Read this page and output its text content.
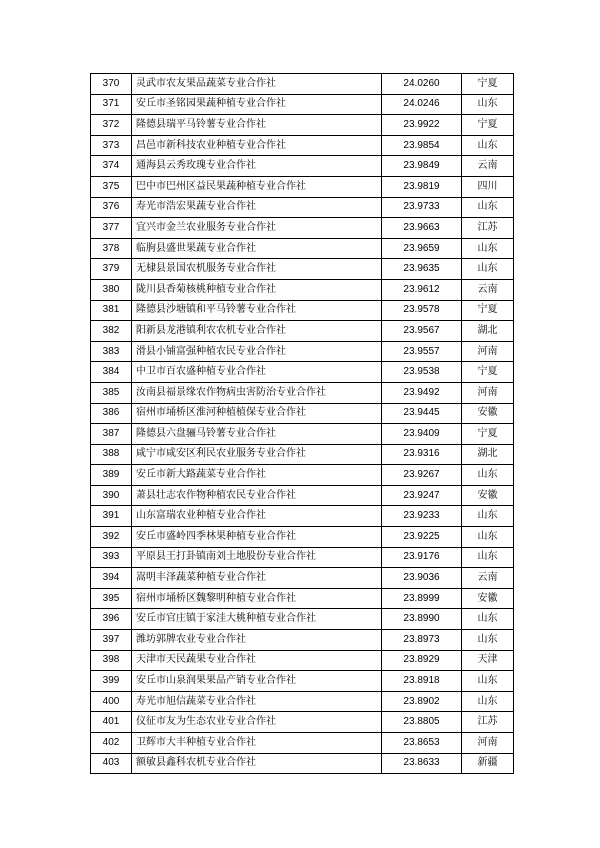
370	灵武市农友果品蔬菜专业合作社	24.0260	宁夏
371	安丘市圣铭园果蔬种植专业合作社	24.0246	山东
372	隆德县瑞平马铃薯专业合作社	23.9922	宁夏
373	昌邑市新科技农业种植专业合作社	23.9854	山东
374	通海县云秀玫瑰专业合作社	23.9849	云南
375	巴中市巴州区益民果蔬种植专业合作社	23.9819	四川
376	寿光市浩宏果蔬专业合作社	23.9733	山东
377	宜兴市金兰农业服务专业合作社	23.9663	江苏
378	临朐县盛世果蔬专业合作社	23.9659	山东
379	无棣县景国农机服务专业合作社	23.9635	山东
380	陇川县香菊核桃种植专业合作社	23.9612	云南
381	隆德县沙塘镇和平马铃薯专业合作社	23.9578	宁夏
382	阳新县龙港镇利农农机专业合作社	23.9567	湖北
383	滑县小铺富强种植农民专业合作社	23.9557	河南
384	中卫市百农盛种植专业合作社	23.9538	宁夏
385	汝南县福景缘农作物病虫害防治专业合作社	23.9492	河南
386	宿州市埇桥区淮河种植植保专业合作社	23.9445	安徽
387	隆德县六盘骊马铃薯专业合作社	23.9409	宁夏
388	咸宁市咸安区利民农业服务专业合作社	23.9316	湖北
389	安丘市新大路蔬菜专业合作社	23.9267	山东
390	萧县壮志农作物种植农民专业合作社	23.9247	安徽
391	山东富瑞农业种植专业合作社	23.9233	山东
392	安丘市盛岭四季林果种植专业合作社	23.9225	山东
393	平原县王打卦镇南刘土地股份专业合作社	23.9176	山东
394	嵩明丰泽蔬菜种植专业合作社	23.9036	云南
395	宿州市埇桥区魏黎明种植专业合作社	23.8999	安徽
396	安丘市官庄镇于家洼大桃种植专业合作社	23.8990	山东
397	潍坊郭牌农业专业合作社	23.8973	山东
398	天津市天民蔬果专业合作社	23.8929	天津
399	安丘市山泉润果果品产销专业合作社	23.8918	山东
400	寿光市旭信蔬菜专业合作社	23.8902	山东
401	仪征市友为生态农业专业合作社	23.8805	江苏
402	卫辉市大丰种植专业合作社	23.8653	河南
403	额敏县鑫科农机专业合作社	23.8633	新疆
